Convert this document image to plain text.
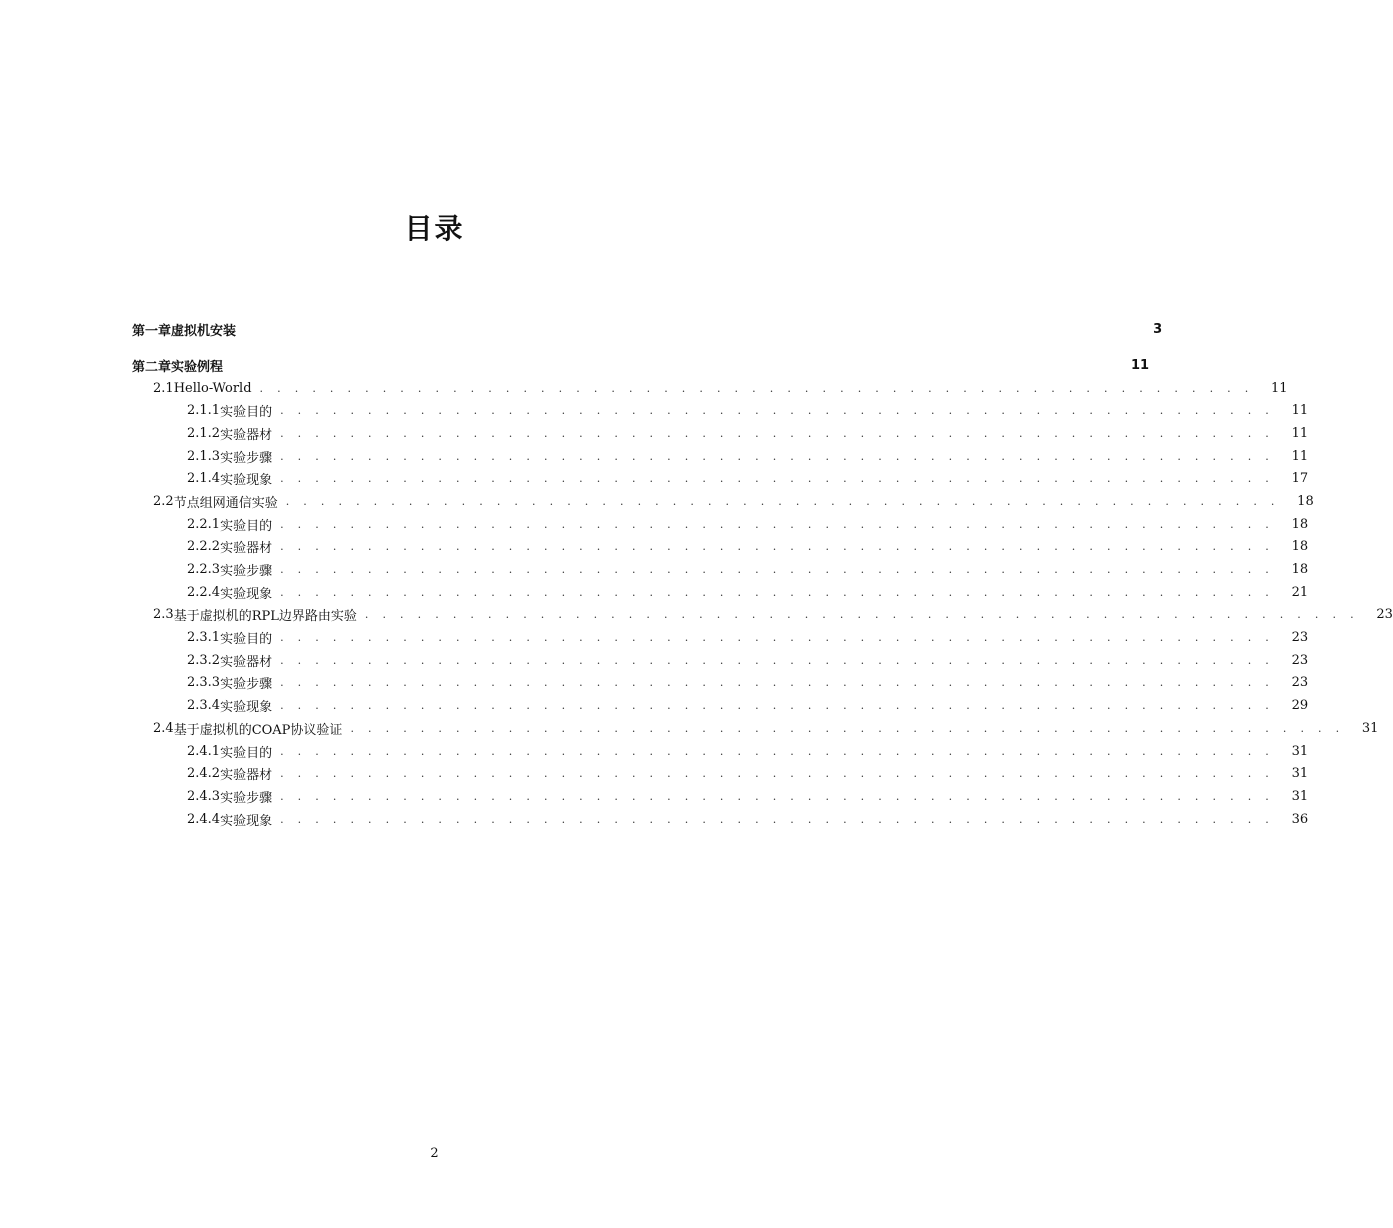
目录
第一章 虚拟机安装	3
第二章 实验例程	11
2.1 Hello-World . . . . . . . . . . . . . . . . . . . . . . . . . . . . . . . . . . . . . . . . . . . . . . . . . . . . . . . . .	11
2.1.1 实验目的 . . . . . . . . . . . . . . . . . . . . . . . . . . . . . . . . . . . . . . . . . . . . . . . . . . . . . . . . .	11
2.1.2 实验器材 . . . . . . . . . . . . . . . . . . . . . . . . . . . . . . . . . . . . . . . . . . . . . . . . . . . . . . . . .	11
2.1.3 实验步骤 . . . . . . . . . . . . . . . . . . . . . . . . . . . . . . . . . . . . . . . . . . . . . . . . . . . . . . . . .	11
2.1.4 实验现象 . . . . . . . . . . . . . . . . . . . . . . . . . . . . . . . . . . . . . . . . . . . . . . . . . . . . . . . . .	17
2.2 节点组网通信实验 . . . . . . . . . . . . . . . . . . . . . . . . . . . . . . . . . . . . . . . . . . . . . . . . . . . . . . . . .	18
2.2.1 实验目的 . . . . . . . . . . . . . . . . . . . . . . . . . . . . . . . . . . . . . . . . . . . . . . . . . . . . . . . . .	18
2.2.2 实验器材 . . . . . . . . . . . . . . . . . . . . . . . . . . . . . . . . . . . . . . . . . . . . . . . . . . . . . . . . .	18
2.2.3 实验步骤 . . . . . . . . . . . . . . . . . . . . . . . . . . . . . . . . . . . . . . . . . . . . . . . . . . . . . . . . .	18
2.2.4 实验现象 . . . . . . . . . . . . . . . . . . . . . . . . . . . . . . . . . . . . . . . . . . . . . . . . . . . . . . . . .	21
2.3 基于虚拟机的RPL边界路由实验 . . . . . . . . . . . . . . . . . . . . . . . . . . . . . . . . . . . . . . . . . . . . . . . . . . . . . . . . .	23
2.3.1 实验目的 . . . . . . . . . . . . . . . . . . . . . . . . . . . . . . . . . . . . . . . . . . . . . . . . . . . . . . . . .	23
2.3.2 实验器材 . . . . . . . . . . . . . . . . . . . . . . . . . . . . . . . . . . . . . . . . . . . . . . . . . . . . . . . . .	23
2.3.3 实验步骤 . . . . . . . . . . . . . . . . . . . . . . . . . . . . . . . . . . . . . . . . . . . . . . . . . . . . . . . . .	23
2.3.4 实验现象 . . . . . . . . . . . . . . . . . . . . . . . . . . . . . . . . . . . . . . . . . . . . . . . . . . . . . . . . .	29
2.4 基于虚拟机的COAP协议验证 . . . . . . . . . . . . . . . . . . . . . . . . . . . . . . . . . . . . . . . . . . . . . . . . . . . . . . . . .	31
2.4.1 实验目的 . . . . . . . . . . . . . . . . . . . . . . . . . . . . . . . . . . . . . . . . . . . . . . . . . . . . . . . . .	31
2.4.2 实验器材 . . . . . . . . . . . . . . . . . . . . . . . . . . . . . . . . . . . . . . . . . . . . . . . . . . . . . . . . .	31
2.4.3 实验步骤 . . . . . . . . . . . . . . . . . . . . . . . . . . . . . . . . . . . . . . . . . . . . . . . . . . . . . . . . .	31
2.4.4 实验现象 . . . . . . . . . . . . . . . . . . . . . . . . . . . . . . . . . . . . . . . . . . . . . . . . . . . . . . . . .	36
2
